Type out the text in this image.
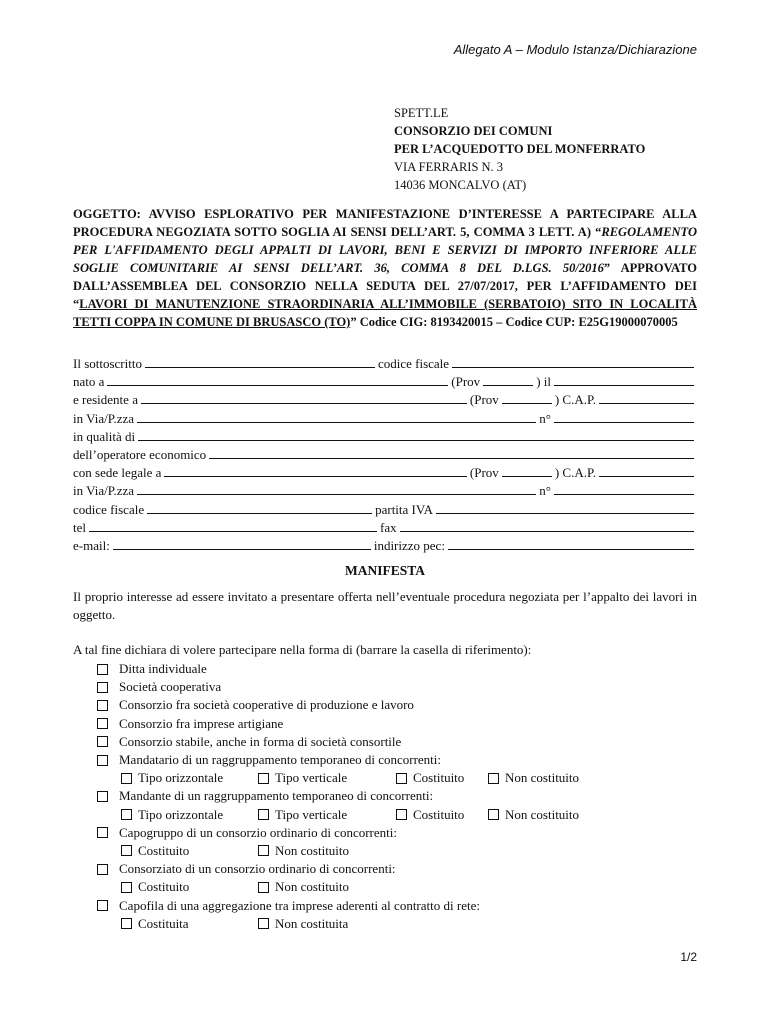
Allegato A – Modulo Istanza/Dichiarazione
SPETT.LE
CONSORZIO DEI COMUNI
PER L’ACQUEDOTTO DEL MONFERRATO
VIA FERRARIS N. 3
14036 MONCALVO (AT)
OGGETTO: AVVISO ESPLORATIVO PER MANIFESTAZIONE D’INTERESSE A PARTECIPARE ALLA PROCEDURA NEGOZIATA SOTTO SOGLIA AI SENSI DELL’ART. 5, COMMA 3 LETT. A) “REGOLAMENTO PER L'AFFIDAMENTO DEGLI APPALTI DI LAVORI, BENI E SERVIZI DI IMPORTO INFERIORE ALLE SOGLIE COMUNITARIE AI SENSI DELL’ART. 36, COMMA 8 DEL D.LGS. 50/2016” APPROVATO DALL’ASSEMBLEA DEL CONSORZIO NELLA SEDUTA DEL 27/07/2017, PER L’AFFIDAMENTO DEI “LAVORI DI MANUTENZIONE STRAORDINARIA ALL’IMMOBILE (SERBATOIO) SITO IN LOCALITÀ TETTI COPPA IN COMUNE DI BRUSASCO (TO)” Codice CIG: 8193420015 – Codice CUP: E25G19000070005
Il sottoscritto	codice fiscale
nato a	(Prov	) il
e residente a	(Prov	) C.A.P.
in Via/P.zza	n°
in qualità di
dell’operatore economico
con sede legale a	(Prov	) C.A.P.
in Via/P.zza	n°
codice fiscale	partita IVA
tel	fax
e-mail:	indirizzo pec:
MANIFESTA
Il proprio interesse ad essere invitato a presentare offerta nell’eventuale procedura negoziata per l’appalto dei lavori in oggetto.
A tal fine dichiara di volere partecipare nella forma di (barrare la casella di riferimento):
Ditta individuale
Società cooperativa
Consorzio fra società cooperative di produzione e lavoro
Consorzio fra imprese artigiane
Consorzio stabile, anche in forma di società consortile
Mandatario di un raggruppamento temporaneo di concorrenti:
Tipo orizzontale	Tipo verticale	Costituito	Non costituito
Mandante di un raggruppamento temporaneo di concorrenti:
Tipo orizzontale	Tipo verticale	Costituito	Non costituito
Capogruppo di un consorzio ordinario di concorrenti:
Costituito	Non costituito
Consorziato di un consorzio ordinario di concorrenti:
Costituito	Non costituito
Capofila di una aggregazione tra imprese aderenti al contratto di rete:
Costituita	Non costituita
1/2
